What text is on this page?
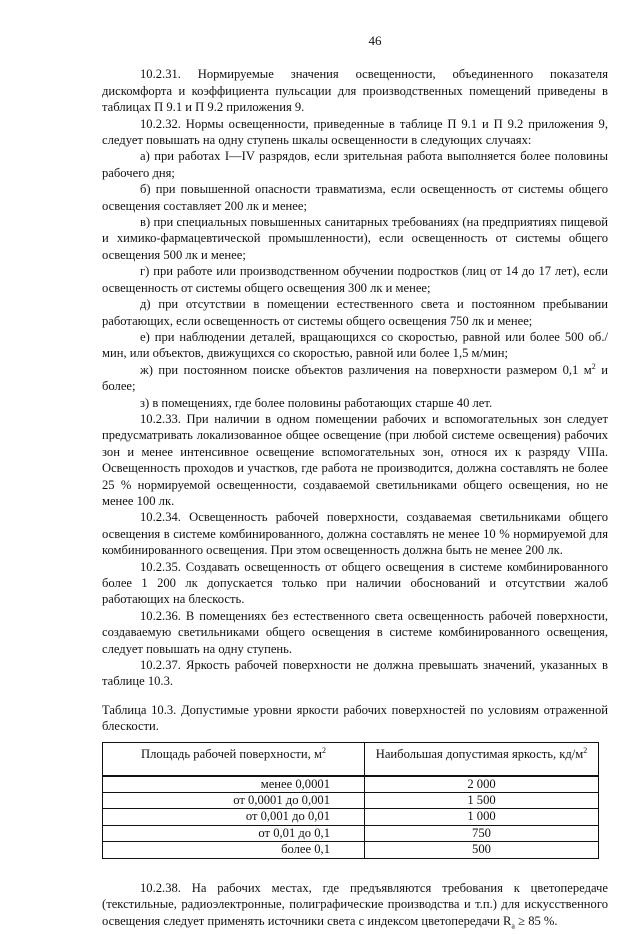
46

10.2.31. Нормируемые значения освещенности, объединенного показателя дискомфорта и коэффициента пульсации для производственных помещений приведены в таблицах П 9.1 и П 9.2 приложения 9.

10.2.32. Нормы освещенности, приведенные в таблице П 9.1 и П 9.2 приложения 9, следует повышать на одну ступень шкалы освещенности в следующих случаях:

а) при работах I—IV разрядов, если зрительная работа выполняется более половины рабочего дня;

б) при повышенной опасности травматизма, если освещенность от системы общего освещения составляет 200 лк и менее;

в) при специальных повышенных санитарных требованиях (на предприятиях пищевой и химико-фармацевтической промышленности), если освещенность от системы общего освещения 500 лк и менее;

г) при работе или производственном обучении подростков (лиц от 14 до 17 лет), если освещенность от системы общего освещения 300 лк и менее;

д) при отсутствии в помещении естественного света и постоянном пребывании работающих, если освещенность от системы общего освещения 750 лк и менее;

е) при наблюдении деталей, вращающихся со скоростью, равной или более 500 об./мин, или объектов, движущихся со скоростью, равной или более 1,5 м/мин;

ж) при постоянном поиске объектов различения на поверхности размером 0,1 $м^2$ и более;

з) в помещениях, где более половины работающих старше 40 лет.

10.2.33. При наличии в одном помещении рабочих и вспомогательных зон следует предусматривать локализованное общее освещение (при любой системе освещения) рабочих зон и менее интенсивное освещение вспомогательных зон, относя их к разряду VIIIа. Освещенность проходов и участков, где работа не производится, должна составлять не более 25 % нормируемой освещенности, создаваемой светильниками общего освещения, но не менее 100 лк.

10.2.34. Освещенность рабочей поверхности, создаваемая светильниками общего освещения в системе комбинированного, должна составлять не менее 10 % нормируемой для комбинированного освещения. При этом освещенность должна быть не менее 200 лк.

10.2.35. Создавать освещенность от общего освещения в системе комбинированного более 1 200 лк допускается только при наличии обоснований и отсутствии жалоб работающих на блескость.

10.2.36. В помещениях без естественного света освещенность рабочей поверхности, создаваемую светильниками общего освещения в системе комбинированного освещения, следует повышать на одну ступень.

10.2.37. Яркость рабочей поверхности не должна превышать значений, указанных в таблице 10.3.

Таблица 10.3. Допустимые уровни яркости рабочих поверхностей по условиям отраженной блескости.

Площадь рабочей поверхности, $м^2$	Наибольшая допустимая яркость, $кд/м^2$
менее 0,0001	2 000
от 0,0001 до 0,001	1 500
от 0,001 до 0,01	1 000
от 0,01 до 0,1	750
более 0,1	500

10.2.38. На рабочих местах, где предъявляются требования к цветопередаче (текстильные, радиоэлектронные, полиграфические производства и т.п.) для искусственного освещения следует применять источники света с индексом цветопередачи $R_a \ge 85$ %.
